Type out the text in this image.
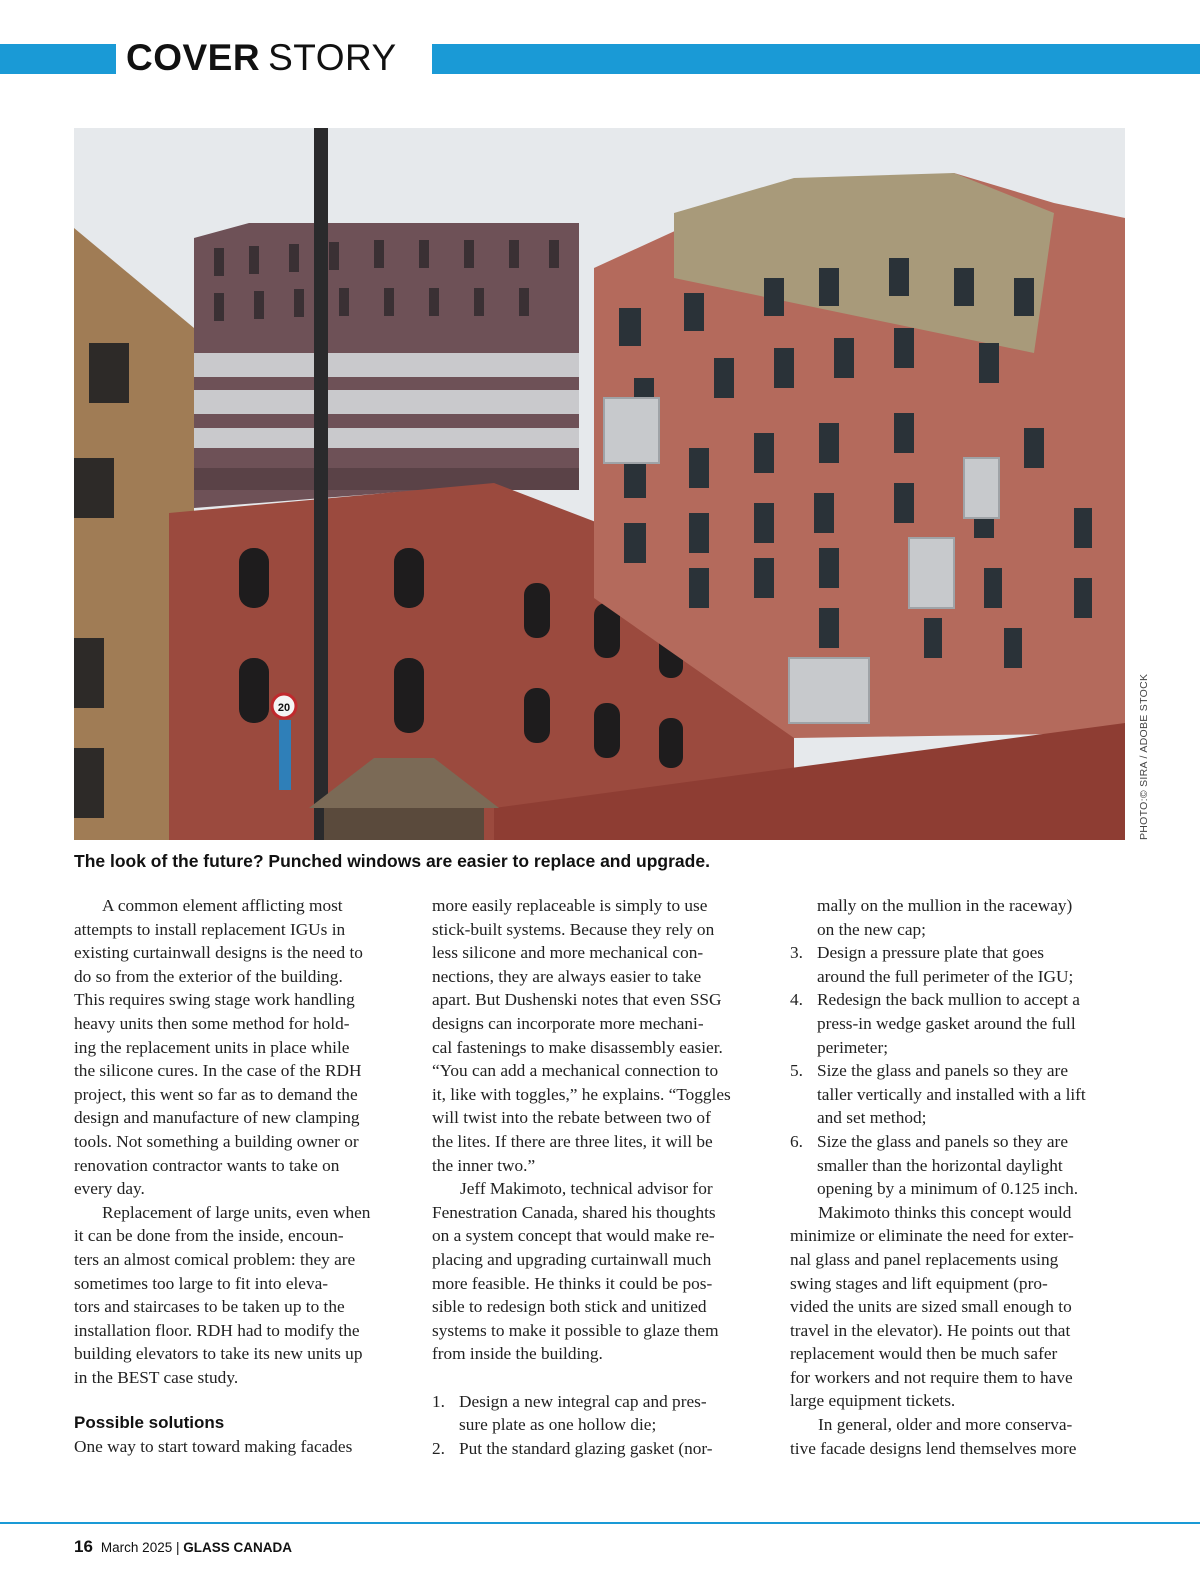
COVER STORY
20	PHOTO:© SIRA / ADOBE STOCK
The look of the future? Punched windows are easier to replace and upgrade.

A common element afflicting most
attempts to install replacement IGUs in
existing curtainwall designs is the need to
do so from the exterior of the building.
This requires swing stage work handling
heavy units then some method for hold-
ing the replacement units in place while
the silicone cures. In the case of the RDH
project, this went so far as to demand the
design and manufacture of new clamping
tools. Not something a building owner or
renovation contractor wants to take on
every day.

Replacement of large units, even when
it can be done from the inside, encoun-
ters an almost comical problem: they are
sometimes too large to fit into eleva-
tors and staircases to be taken up to the
installation floor. RDH had to modify the
building elevators to take its new units up
in the BEST case study.

Possible solutions

One way to start toward making facades

more easily replaceable is simply to use
stick-built systems. Because they rely on
less silicone and more mechanical con-
nections, they are always easier to take
apart. But Dushenski notes that even SSG
designs can incorporate more mechani-
cal fastenings to make disassembly easier.
“You can add a mechanical connection to
it, like with toggles,” he explains. “Toggles
will twist into the rebate between two of
the lites. If there are three lites, it will be
the inner two.”

Jeff Makimoto, technical advisor for
Fenestration Canada, shared his thoughts
on a system concept that would make re-
placing and upgrading curtainwall much
more feasible. He thinks it could be pos-
sible to redesign both stick and unitized
systems to make it possible to glaze them
from inside the building.

1. Design a new integral cap and pres-
sure plate as one hollow die;

2. Put the standard glazing gasket (nor-

mally on the mullion in the raceway)
on the new cap;

3. Design a pressure plate that goes
around the full perimeter of the IGU;

4. Redesign the back mullion to accept a
press-in wedge gasket around the full
perimeter;

5. Size the glass and panels so they are
taller vertically and installed with a lift
and set method;

6. Size the glass and panels so they are
smaller than the horizontal daylight
opening by a minimum of 0.125 inch.

Makimoto thinks this concept would
minimize or eliminate the need for exter-
nal glass and panel replacements using
swing stages and lift equipment (pro-
vided the units are sized small enough to
travel in the elevator). He points out that
replacement would then be much safer
for workers and not require them to have
large equipment tickets.

In general, older and more conserva-
tive facade designs lend themselves more

16 March 2025 | GLASS CANADA
